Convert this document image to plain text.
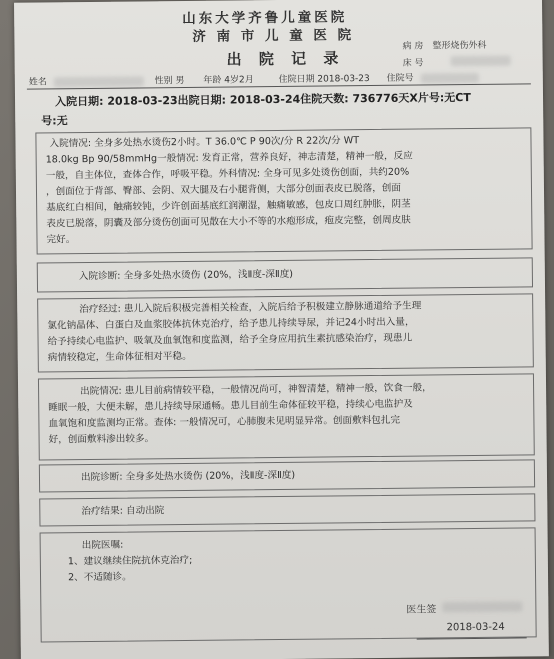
山东大学齐鲁儿童医院
济 南 市 儿 童 医 院
出 院 记 录
病 房 整形烧伤外科
床 号
姓名	性别 男 年龄 4岁2月	住院日期 2018-03-23 住院号
入院日期: 2018-03-23出院日期: 2018-03-24住院天数: 736776天X片号:无CT
号:无
入院情况: 全身多处热水烫伤2小时。T 36.0℃ P 90次/分 R 22次/分 WT
18.0kg Bp 90/58mmHg一般情况: 发育正常，营养良好，神志清楚，精神一般，反应
一般，自主体位，查体合作，呼吸平稳。外科情况: 全身可见多处烫伤创面，共约20%
，创面位于背部、臀部、会阴、双大腿及右小腿背侧，大部分创面表皮已脱落，创面
基底红白相间，触痛较钝，少许创面基底红润潮湿，触痛敏感，包皮口周红肿胀，阴茎
表皮已脱落，阴囊及部分烫伤创面可见散在大小不等的水疱形成，疱皮完整，创周皮肤
完好。
入院诊断: 全身多处热水烫伤 (20%，浅Ⅱ度-深Ⅱ度)
治疗经过: 患儿入院后积极完善相关检查，入院后给予积极建立静脉通道给予生理
氯化钠晶体、白蛋白及血浆胶体抗休克治疗，给予患儿持续导尿，并记24小时出入量，
给予持续心电监护、吸氧及血氧饱和度监测，给予全身应用抗生素抗感染治疗，现患儿
病情较稳定，生命体征相对平稳。
出院情况: 患儿目前病情较平稳，一般情况尚可，神智清楚，精神一般，饮食一般，
睡眠一般，大便未解，患儿持续导尿通畅。患儿目前生命体征较平稳，持续心电监护及
血氧饱和度监测均正常。查体: 一般情况可，心肺腹未见明显异常。创面敷料包扎完
好，创面敷料渗出较多。
出院诊断: 全身多处热水烫伤 (20%，浅Ⅱ度-深Ⅱ度)
治疗结果: 自动出院
出院医嘱:
1、建议继续住院抗休克治疗;
2、不适随诊。
医生签
2018-03-24
